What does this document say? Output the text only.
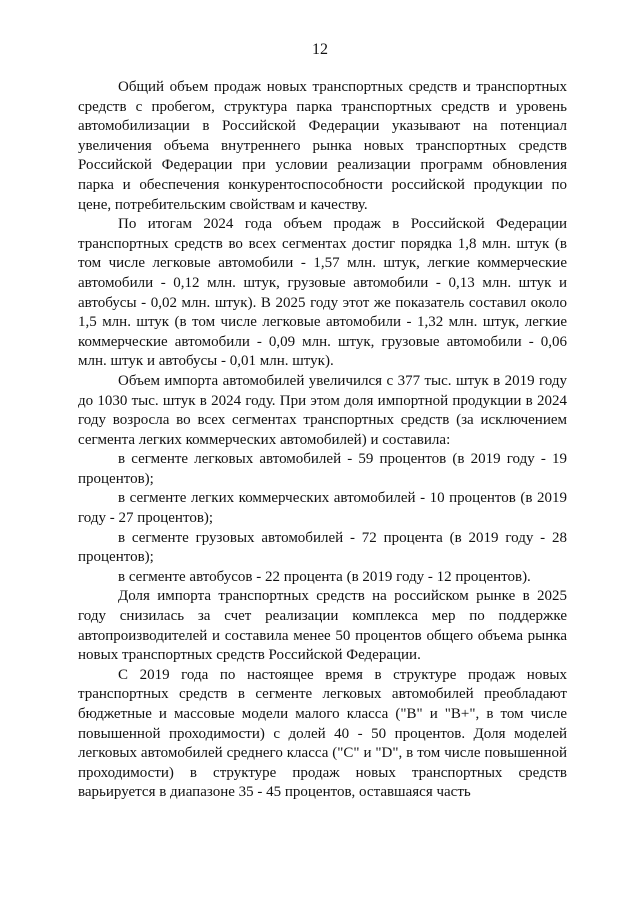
12

Общий объем продаж новых транспортных средств и транспортных средств с пробегом, структура парка транспортных средств и уровень автомобилизации в Российской Федерации указывают на потенциал увеличения объема внутреннего рынка новых транспортных средств Российской Федерации при условии реализации программ обновления парка и обеспечения конкурентоспособности российской продукции по цене, потребительским свойствам и качеству.

По итогам 2024 года объем продаж в Российской Федерации транспортных средств во всех сегментах достиг порядка 1,8 млн. штук (в том числе легковые автомобили - 1,57 млн. штук, легкие коммерческие автомобили - 0,12 млн. штук, грузовые автомобили - 0,13 млн. штук и автобусы - 0,02 млн. штук). В 2025 году этот же показатель составил около 1,5 млн. штук (в том числе легковые автомобили - 1,32 млн. штук, легкие коммерческие автомобили - 0,09 млн. штук, грузовые автомобили - 0,06 млн. штук и автобусы - 0,01 млн. штук).

Объем импорта автомобилей увеличился с 377 тыс. штук в 2019 году до 1030 тыс. штук в 2024 году. При этом доля импортной продукции в 2024 году возросла во всех сегментах транспортных средств (за исключением сегмента легких коммерческих автомобилей) и составила:

в сегменте легковых автомобилей - 59 процентов (в 2019 году - 19 процентов);

в сегменте легких коммерческих автомобилей - 10 процентов (в 2019 году - 27 процентов);

в сегменте грузовых автомобилей - 72 процента (в 2019 году - 28 процентов);

в сегменте автобусов - 22 процента (в 2019 году - 12 процентов).

Доля импорта транспортных средств на российском рынке в 2025 году снизилась за счет реализации комплекса мер по поддержке автопроизводителей и составила менее 50 процентов общего объема рынка новых транспортных средств Российской Федерации.

С 2019 года по настоящее время в структуре продаж новых транспортных средств в сегменте легковых автомобилей преобладают бюджетные и массовые модели малого класса ("В" и "В+", в том числе повышенной проходимости) с долей 40 - 50 процентов. Доля моделей легковых автомобилей среднего класса ("С" и "D", в том числе повышенной проходимости) в структуре продаж новых транспортных средств варьируется в диапазоне 35 - 45 процентов, оставшаяся часть
